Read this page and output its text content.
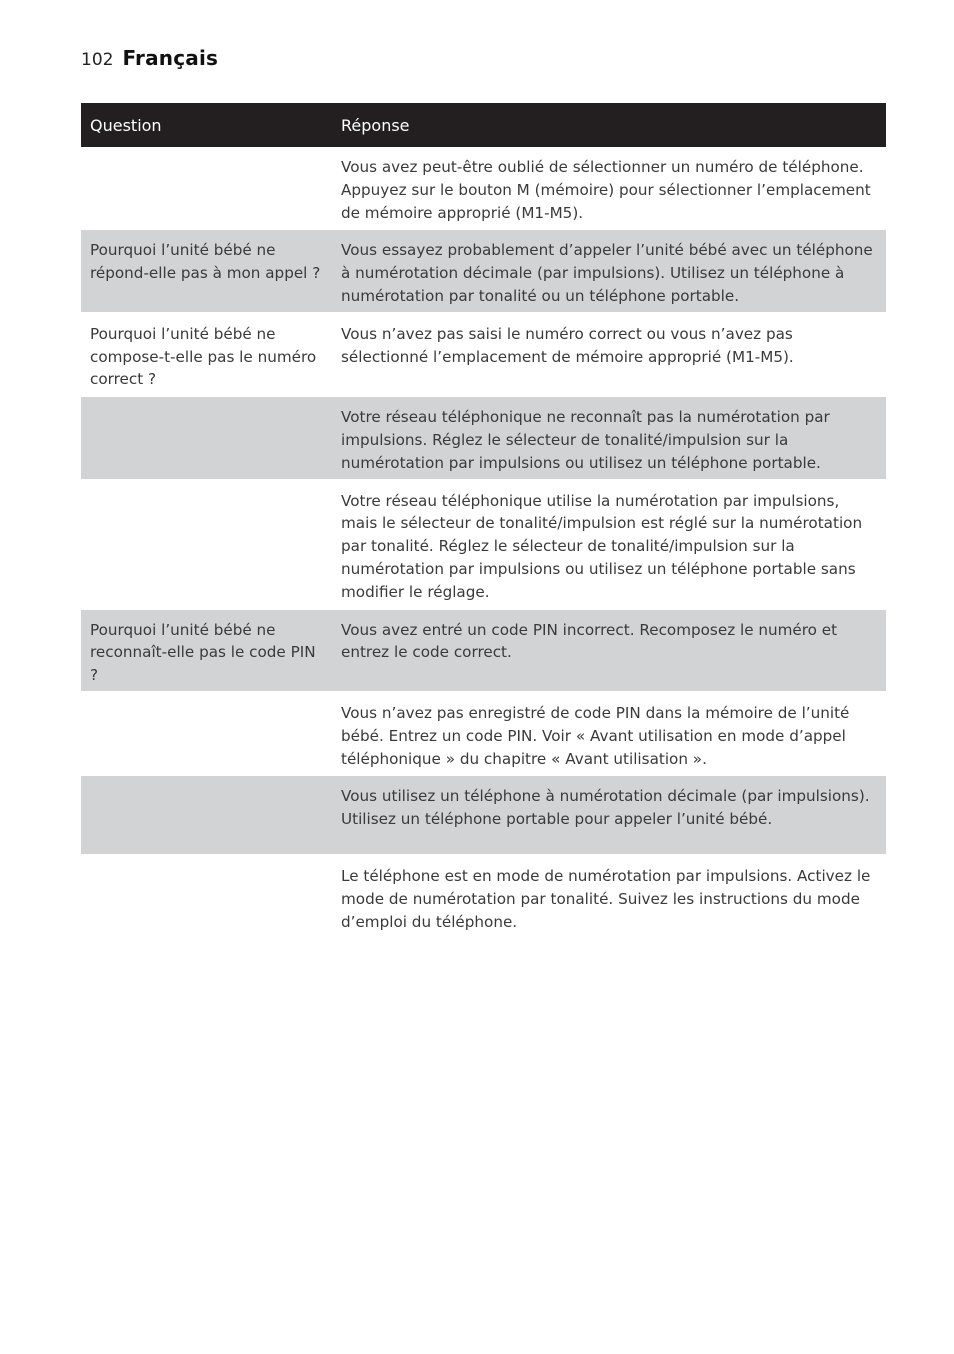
102 Français
Question	Réponse
	Vous avez peut-être oublié de sélectionner un numéro de téléphone. Appuyez sur le bouton M (mémoire) pour sélectionner l’emplacement de mémoire approprié (M1-M5).
Pourquoi l’unité bébé ne répond-elle pas à mon appel ?	Vous essayez probablement d’appeler l’unité bébé avec un téléphone à numérotation décimale (par impulsions). Utilisez un téléphone à numérotation par tonalité ou un téléphone portable.
Pourquoi l’unité bébé ne compose-t-elle pas le numéro correct ?	Vous n’avez pas saisi le numéro correct ou vous n’avez pas sélectionné l’emplacement de mémoire approprié (M1-M5).
	Votre réseau téléphonique ne reconnaît pas la numérotation par impulsions. Réglez le sélecteur de tonalité/impulsion sur la numérotation par impulsions ou utilisez un téléphone portable.
	Votre réseau téléphonique utilise la numérotation par impulsions, mais le sélecteur de tonalité/impulsion est réglé sur la numérotation par tonalité. Réglez le sélecteur de tonalité/impulsion sur la numérotation par impulsions ou utilisez un téléphone portable sans modifier le réglage.
Pourquoi l’unité bébé ne reconnaît-elle pas le code PIN ?	Vous avez entré un code PIN incorrect. Recomposez le numéro et entrez le code correct.
	Vous n’avez pas enregistré de code PIN dans la mémoire de l’unité bébé. Entrez un code PIN. Voir « Avant utilisation en mode d’appel téléphonique » du chapitre « Avant utilisation ».
	Vous utilisez un téléphone à numérotation décimale (par impulsions). Utilisez un téléphone portable pour appeler l’unité bébé.
	Le téléphone est en mode de numérotation par impulsions. Activez le mode de numérotation par tonalité. Suivez les instructions du mode d’emploi du téléphone.
